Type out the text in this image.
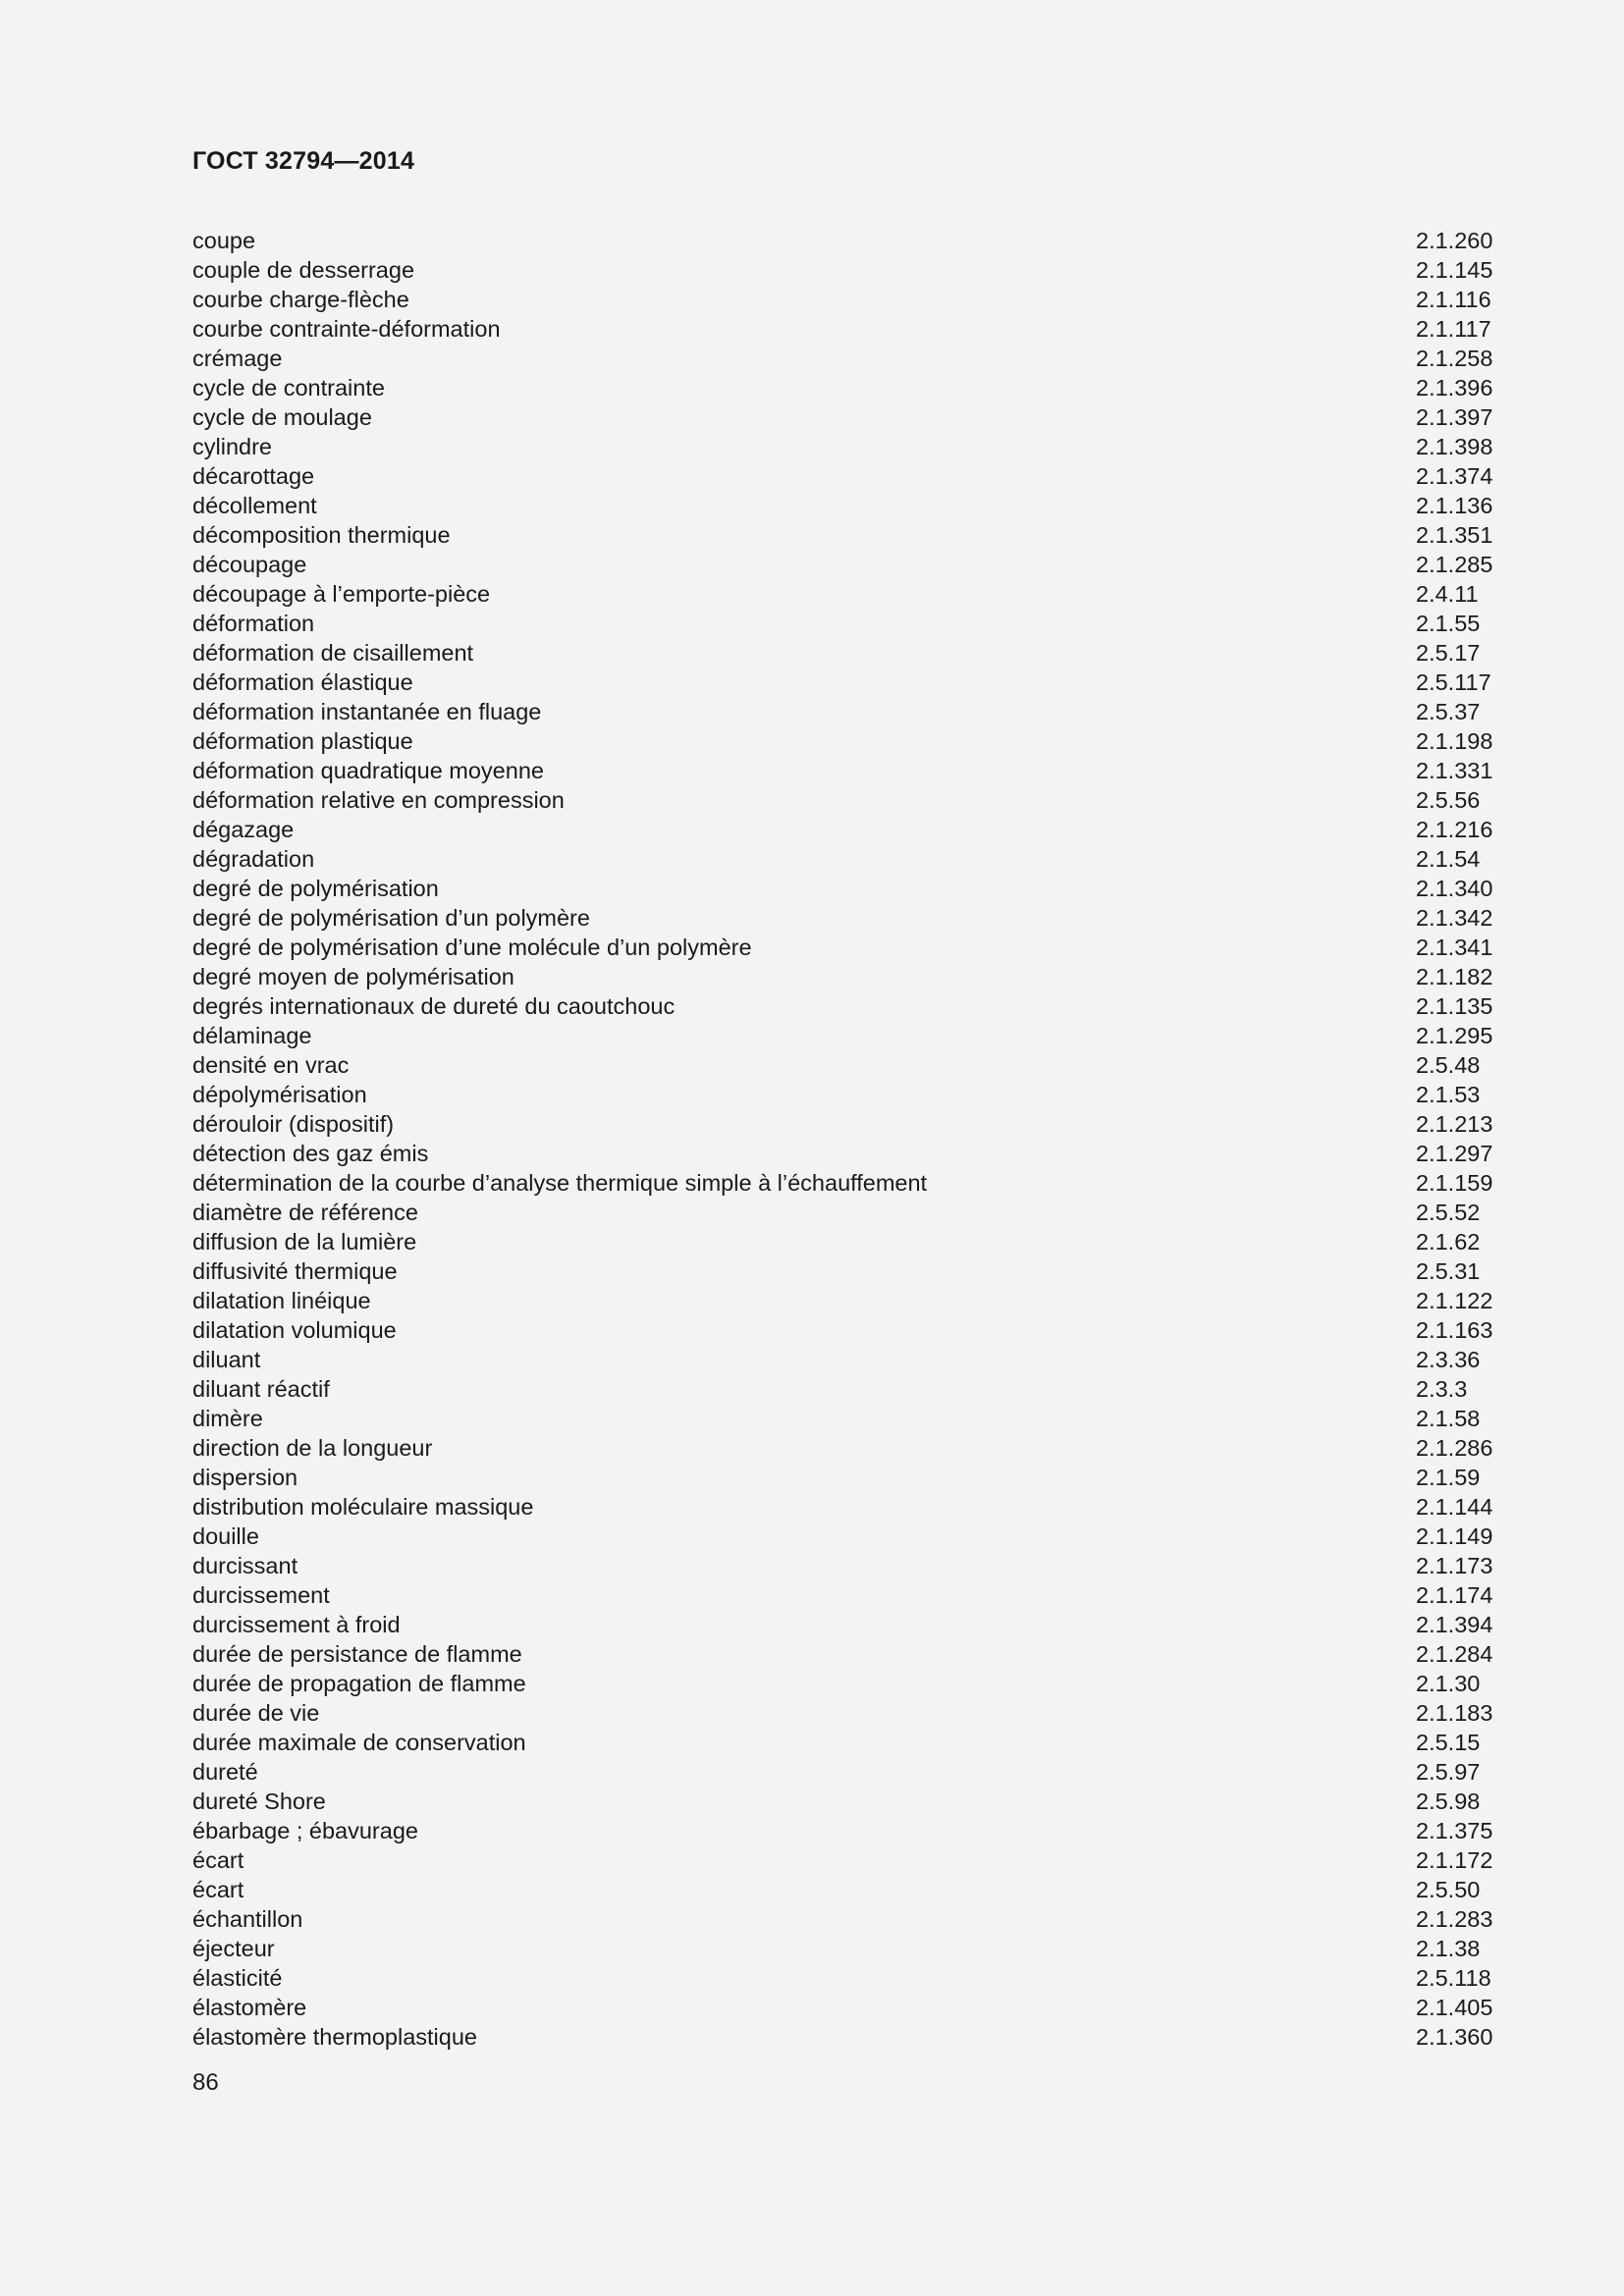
ГОСТ 32794—2014
coupe	2.1.260
couple de desserrage	2.1.145
courbe charge-flèche	2.1.116
courbe contrainte-déformation	2.1.117
crémage	2.1.258
cycle de contrainte	2.1.396
cycle de moulage	2.1.397
cylindre	2.1.398
décarottage	2.1.374
décollement	2.1.136
décomposition thermique	2.1.351
découpage	2.1.285
découpage à l’emporte-pièce	2.4.11
déformation	2.1.55
déformation de cisaillement	2.5.17
déformation élastique	2.5.117
déformation instantanée en fluage	2.5.37
déformation plastique	2.1.198
déformation quadratique moyenne	2.1.331
déformation relative en compression	2.5.56
dégazage	2.1.216
dégradation	2.1.54
degré de polymérisation	2.1.340
degré de polymérisation d’un polymère	2.1.342
degré de polymérisation d’une molécule d’un polymère	2.1.341
degré moyen de polymérisation	2.1.182
degrés internationaux de dureté du caoutchouc	2.1.135
délaminage	2.1.295
densité en vrac	2.5.48
dépolymérisation	2.1.53
dérouloir (dispositif)	2.1.213
détection des gaz émis	2.1.297
détermination de la courbe d’analyse thermique simple à l’échauffement	2.1.159
diamètre de référence	2.5.52
diffusion de la lumière	2.1.62
diffusivité thermique	2.5.31
dilatation linéique	2.1.122
dilatation volumique	2.1.163
diluant	2.3.36
diluant réactif	2.3.3
dimère	2.1.58
direction de la longueur	2.1.286
dispersion	2.1.59
distribution moléculaire massique	2.1.144
douille	2.1.149
durcissant	2.1.173
durcissement	2.1.174
durcissement à froid	2.1.394
durée de persistance de flamme	2.1.284
durée de propagation de flamme	2.1.30
durée de vie	2.1.183
durée maximale de conservation	2.5.15
dureté	2.5.97
dureté Shore	2.5.98
ébarbage ; ébavurage	2.1.375
écart	2.1.172
écart	2.5.50
échantillon	2.1.283
éjecteur	2.1.38
élasticité	2.5.118
élastomère	2.1.405
élastomère thermoplastique	2.1.360
86
